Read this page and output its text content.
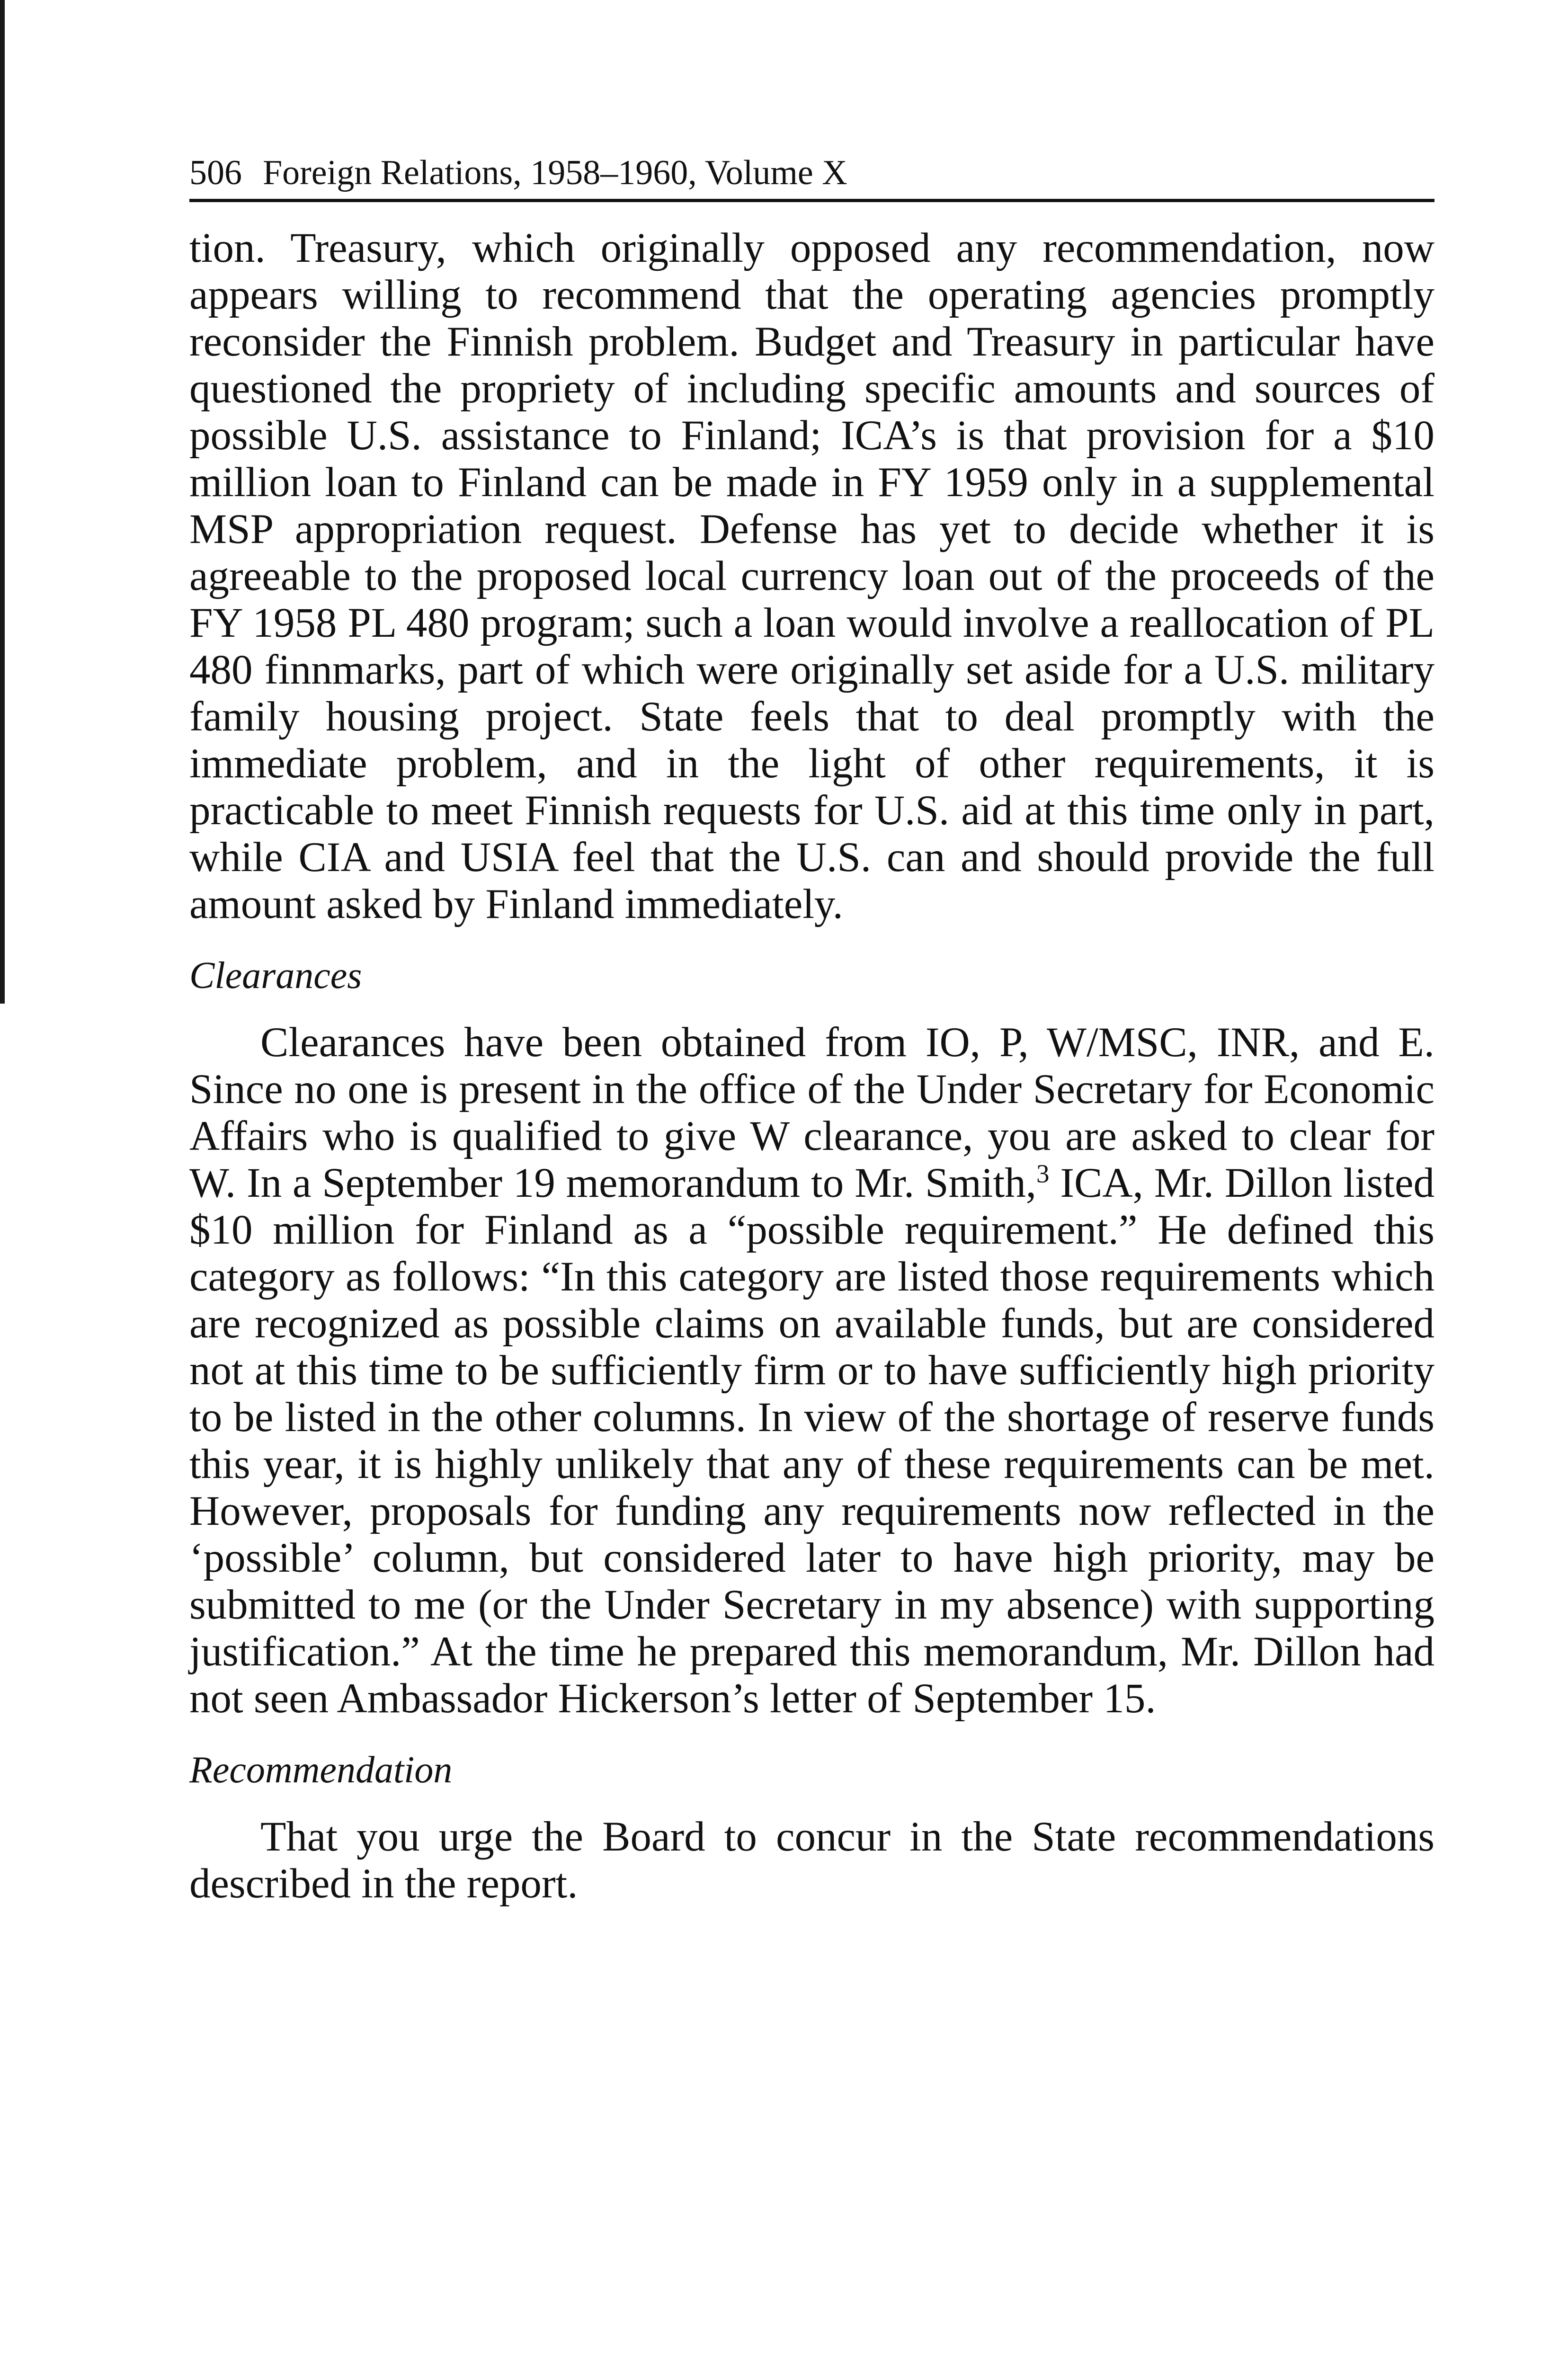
506 Foreign Relations, 1958–1960, Volume X

tion. Treasury, which originally opposed any recommendation, now appears willing to recommend that the operating agencies promptly reconsider the Finnish problem. Budget and Treasury in particular have questioned the propriety of including specific amounts and sources of possible U.S. assistance to Finland; ICA’s is that provision for a $10 million loan to Finland can be made in FY 1959 only in a supplemental MSP appropriation request. Defense has yet to decide whether it is agreeable to the proposed local currency loan out of the proceeds of the FY 1958 PL 480 program; such a loan would involve a reallocation of PL 480 finnmarks, part of which were originally set aside for a U.S. military family housing project. State feels that to deal promptly with the immediate problem, and in the light of other requirements, it is practicable to meet Finnish requests for U.S. aid at this time only in part, while CIA and USIA feel that the U.S. can and should provide the full amount asked by Finland immediately.

Clearances

Clearances have been obtained from IO, P, W/MSC, INR, and E. Since no one is present in the office of the Under Secretary for Economic Affairs who is qualified to give W clearance, you are asked to clear for W. In a September 19 memorandum to Mr. Smith,$^3$ ICA, Mr. Dillon listed $10 million for Finland as a “possible requirement.” He defined this category as follows: “In this category are listed those requirements which are recognized as possible claims on available funds, but are considered not at this time to be sufficiently firm or to have sufficiently high priority to be listed in the other columns. In view of the shortage of reserve funds this year, it is highly unlikely that any of these requirements can be met. However, proposals for funding any requirements now reflected in the ‘possible’ column, but considered later to have high priority, may be submitted to me (or the Under Secretary in my absence) with supporting justification.” At the time he prepared this memorandum, Mr. Dillon had not seen Ambassador Hickerson’s letter of September 15.

Recommendation

That you urge the Board to concur in the State recommendations described in the report.
